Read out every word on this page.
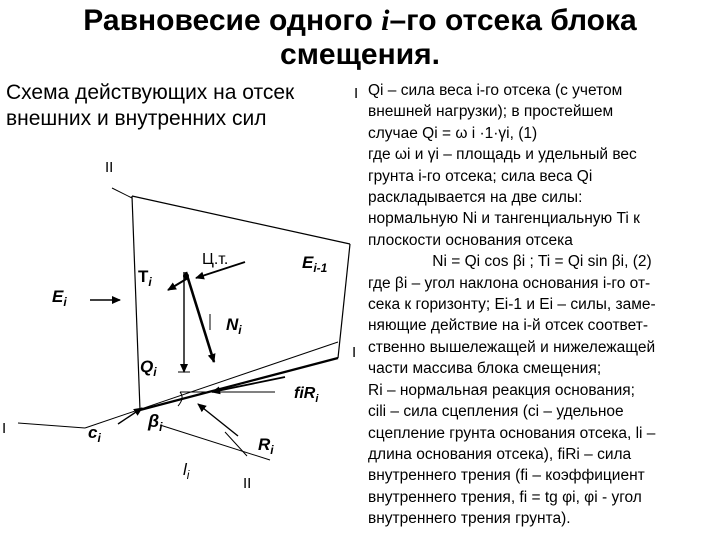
Равновесие одного i–го отсека блока
смещения.
Схема действующих на отсек
внешних и внутренних сил
II
Ц.т.
$T_i$
$E_{i-1}$
$E_i$
$N_i$
$Q_i$
fiR$_i$
$\beta_i$
$c_i$	$R_i$
$l_i$	II
I
I
I Qi – сила веса i-го отсека (с учетом
внешней нагрузки); в простейшем
случае Qi = ω i ·1·γi, (1)
где ωi и γi – площадь и удельный вес
грунта i-го отсека; сила веса Qi
раскладывается на две силы:
нормальную Ni и тангенциальную Ti к
плоскости основания отсека
Ni = Qi cos βi ; Ti = Qi sin βi, (2)
где βi – угол наклона основания i-го от-
сека к горизонту; Ei-1 и Ei – силы, заме-
няющие действие на i-й отсек соответ-
ственно вышележащей и нижележащей
части массива блока смещения;
Ri – нормальная реакция основания;
cili – сила сцепления (ci – удельное
сцепление грунта основания отсека, li –
длина основания отсека), fiRi – сила
внутреннего трения (fi – коэффициент
внутреннего трения, fi = tg φi, φi - угол
внутреннего трения грунта).
